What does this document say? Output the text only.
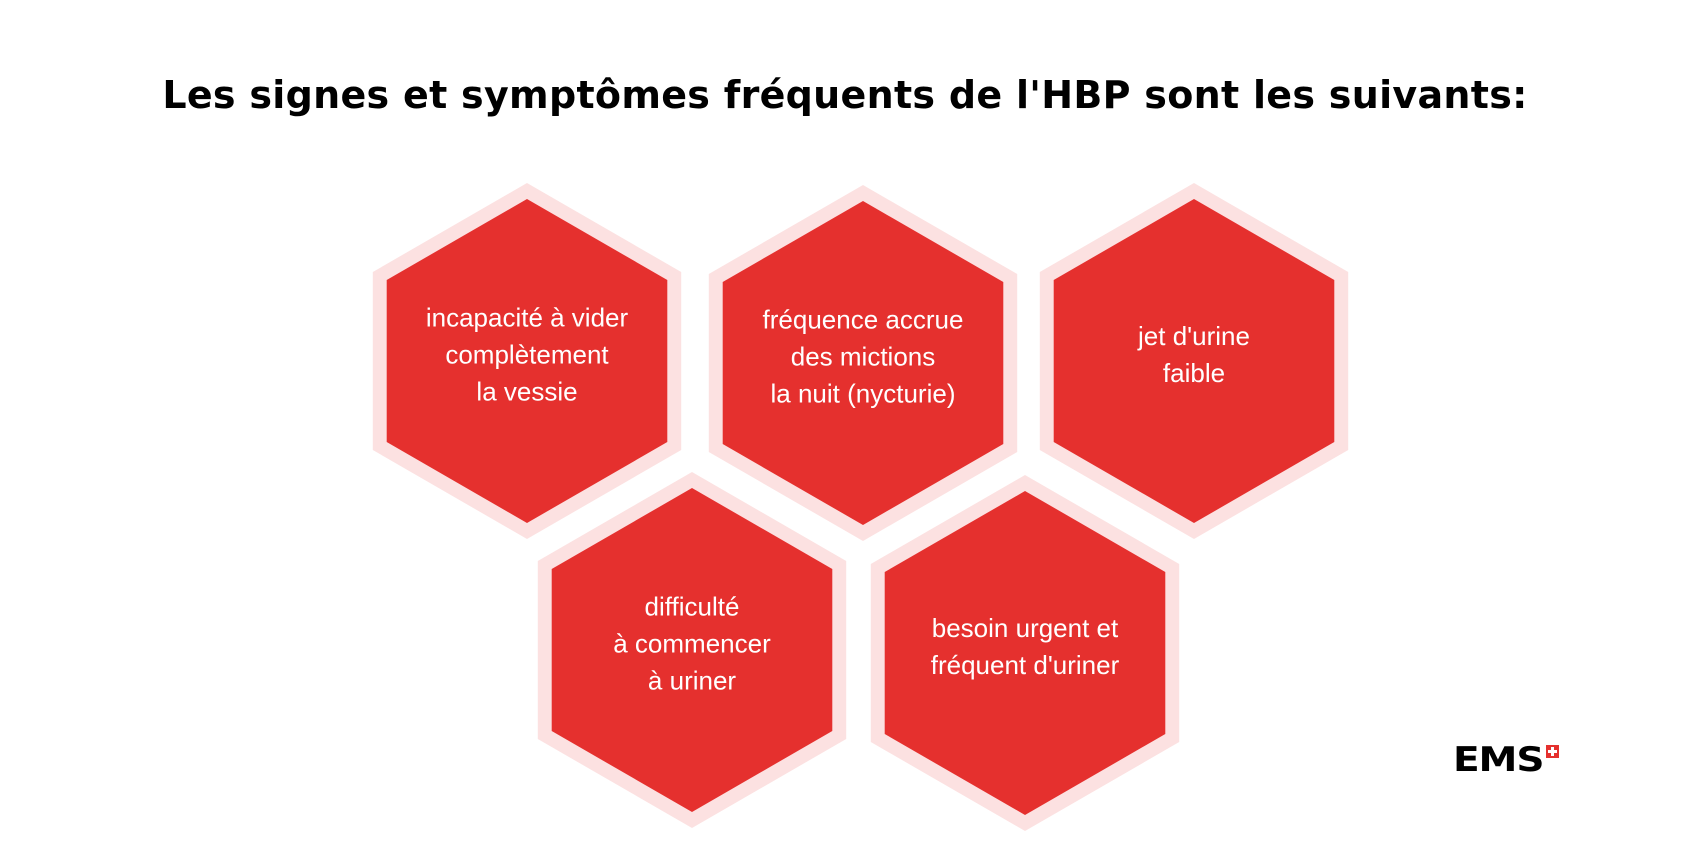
Les signes et symptômes fréquents de l'HBP sont les suivants:
incapacité à vider
complètement
la vessie
fréquence accrue
des mictions
la nuit (nycturie)
jet d'urine
faible
difficulté
à commencer
à uriner
besoin urgent et
fréquent d'uriner
EMS
